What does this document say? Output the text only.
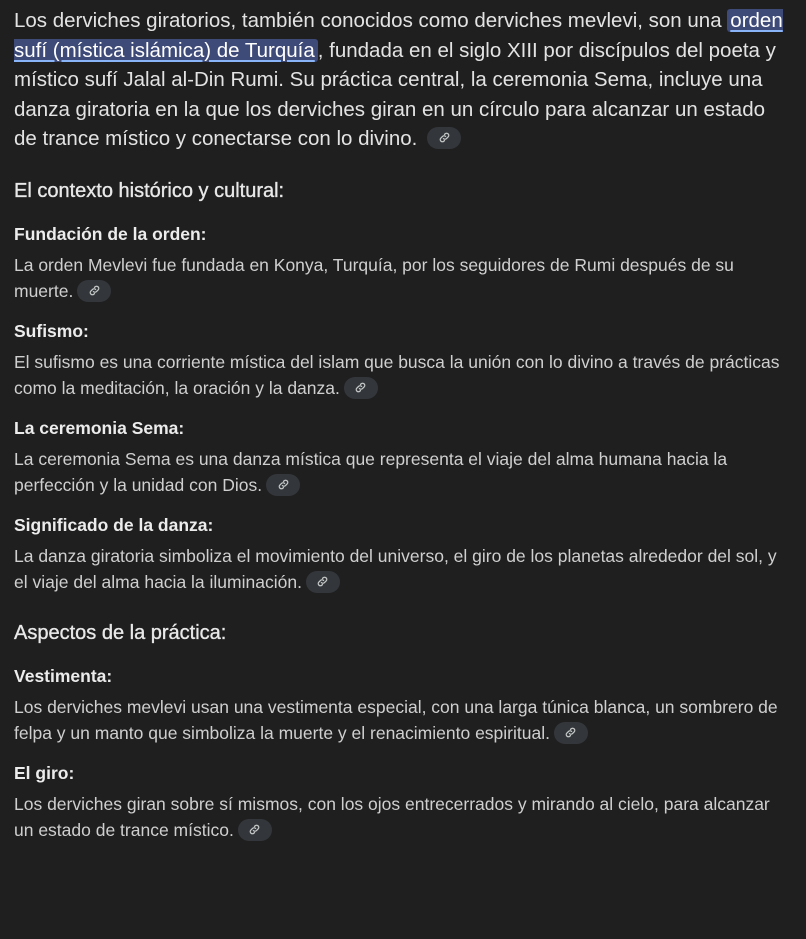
Los derviches giratorios, también conocidos como derviches mevlevi, son una orden sufí (mística islámica) de Turquía , fundada en el siglo XIII por discípulos del poeta y místico sufí Jalal al-Din Rumi. Su práctica central, la ceremonia Sema, incluye una danza giratoria en la que los derviches giran en un círculo para alcanzar un estado de trance místico y conectarse con lo divino.

El contexto histórico y cultural:
Fundación de la orden:

La orden Mevlevi fue fundada en Konya, Turquía, por los seguidores de Rumi después de su muerte.

Sufismo:

El sufismo es una corriente mística del islam que busca la unión con lo divino a través de prácticas como la meditación, la oración y la danza.

La ceremonia Sema:

La ceremonia Sema es una danza mística que representa el viaje del alma humana hacia la perfección y la unidad con Dios.

Significado de la danza:

La danza giratoria simboliza el movimiento del universo, el giro de los planetas alrededor del sol, y el viaje del alma hacia la iluminación.

Aspectos de la práctica:
Vestimenta:

Los derviches mevlevi usan una vestimenta especial, con una larga túnica blanca, un sombrero de felpa y un manto que simboliza la muerte y el renacimiento espiritual.

El giro:

Los derviches giran sobre sí mismos, con los ojos entrecerrados y mirando al cielo, para alcanzar un estado de trance místico.
